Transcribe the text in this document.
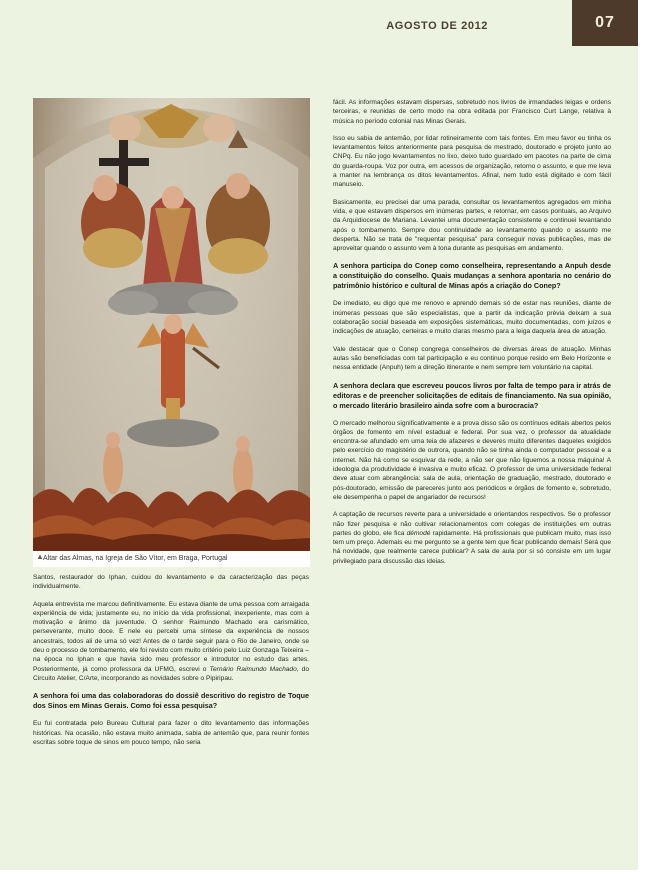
AGOSTO DE 2012	07
▲ Altar das Almas, na Igreja de São Vítor, em Braga, Portugal

Santos, restaurador do Iphan, cuidou do levantamento e da caracterização das peças individualmente.

Aquela entrevista me marcou definitivamente. Eu estava diante de uma pessoa com arraigada experiência de vida; justamente eu, no início da vida profissional, inexperiente, mas com a motivação e ânimo da juventude. O senhor Raimundo Machado era carismático, perseverante, muito doce. E nele eu percebi uma síntese da experiência de nossos ancestrais, todos ali de uma só vez! Antes de o tarde seguir para o Rio de Janeiro, onde se deu o processo de tombamento, ele foi revisto com muito critério pelo Luiz Gonzaga Teixeira – na época no Iphan e que havia sido meu professor e introdutor no estudo das artes. Posteriormente, já como professora da UFMG, escrevi o Ternário Raimundo Machado, do Circuito Atelier, C/Arte, incorporando as novidades sobre o Pipiripau.

A senhora foi uma das colaboradoras do dossiê descritivo do registro de Toque dos Sinos em Minas Gerais. Como foi essa pesquisa?

Eu fui contratada pelo Bureau Cultural para fazer o dito levantamento das informações históricas. Na ocasião, não estava muito animada, sabia de antemão que, para reunir fontes escritas sobre toque de sinos em pouco tempo, não seria

fácil. As informações estavam dispersas, sobretudo nos livros de irmandades leigas e ordens terceiras, e reunidas de certo modo na obra editada por Francisco Curt Lange, relativa à música no período colonial nas Minas Gerais.

Isso eu sabia de antemão, por lidar rotineiramente com tais fontes. Em meu favor eu tinha os levantamentos feitos anteriormente para pesquisa de mestrado, doutorado e projeto junto ao CNPq. Eu não jogo levantamentos no lixo, deixo tudo guardado em pacotes na parte de cima do guarda-roupa. Voz por outra, em acessos de organização, retorno o assunto, e que me leva a manter na lembrança os ditos levantamentos. Afinal, nem tudo está digitado e com fácil manuseio.

Basicamente, eu precisei dar uma parada, consultar os levantamentos agregados em minha vida, e que estavam dispersos em inúmeras partes, e retornar, em casos pontuais, ao Arquivo da Arquidiocese de Mariana. Levantei uma documentação consistente e continuei levantando após o tombamento. Sempre dou continuidade ao levantamento quando o assunto me desperta. Não se trata de "requentar pesquisa" para conseguir novas publicações, mas de aproveitar quando o assunto vem à tona durante as pesquisas em andamento.

A senhora participa do Conep como conselheira, representando a Anpuh desde a constituição do conselho. Quais mudanças a senhora apontaria no cenário do patrimônio histórico e cultural de Minas após a criação do Conep?

De imediato, eu digo que me renovo e aprendo demais só de estar nas reuniões, diante de inúmeras pessoas que são especialistas, que a partir da indicação prévia deixam a sua colaboração social baseada em exposições sistemáticas, muito documentadas, com juízos e indicações de atuação, certeiras e muito claras mesmo para a leiga daquela área de atuação.

Vale destacar que o Conep congrega conselheiros de diversas áreas de atuação. Minhas aulas são beneficiadas com tal participação e eu continuo porque resido em Belo Horizonte e nessa entidade (Anpuh) tem a direção itinerante e nem sempre tem voluntário na capital.

A senhora declara que escreveu poucos livros por falta de tempo para ir atrás de editoras e de preencher solicitações de editais de financiamento. Na sua opinião, o mercado literário brasileiro ainda sofre com a burocracia?

O mercado melhorou significativamente e a prova disso são os contínuos editais abertos pelos órgãos de fomento em nível estadual e federal. Por sua vez, o professor da atualidade encontra-se afundado em uma teia de afazeres e deveres muito diferentes daqueles exigidos pelo exercício do magistério de outrora, quando não se tinha ainda o computador pessoal e a internet. Não há como se esquivar da rede, a não ser que não liguemos a nossa máquina! A ideologia da produtividade é invasiva e muito eficaz. O professor de uma universidade federal deve atuar com abrangência: sala de aula, orientação de graduação, mestrado, doutorado e pós-doutorado, emissão de pareceres junto aos periódicos e órgãos de fomento e, sobretudo, ele desempenha o papel de angariador de recursos!

A captação de recursos reverte para a universidade e orientandos respectivos. Se o professor não fizer pesquisa e não cultivar relacionamentos com colegas de instituições em outras partes do globo, ele fica démodé rapidamente. Há profissionais que publicam muito, mas isso tem um preço. Ademais eu me pergunto se a gente tem que ficar publicando demais! Será que há novidade, que realmente carece publicar? A sala de aula por si só consiste em um lugar privilegiado para discussão das ideias.
